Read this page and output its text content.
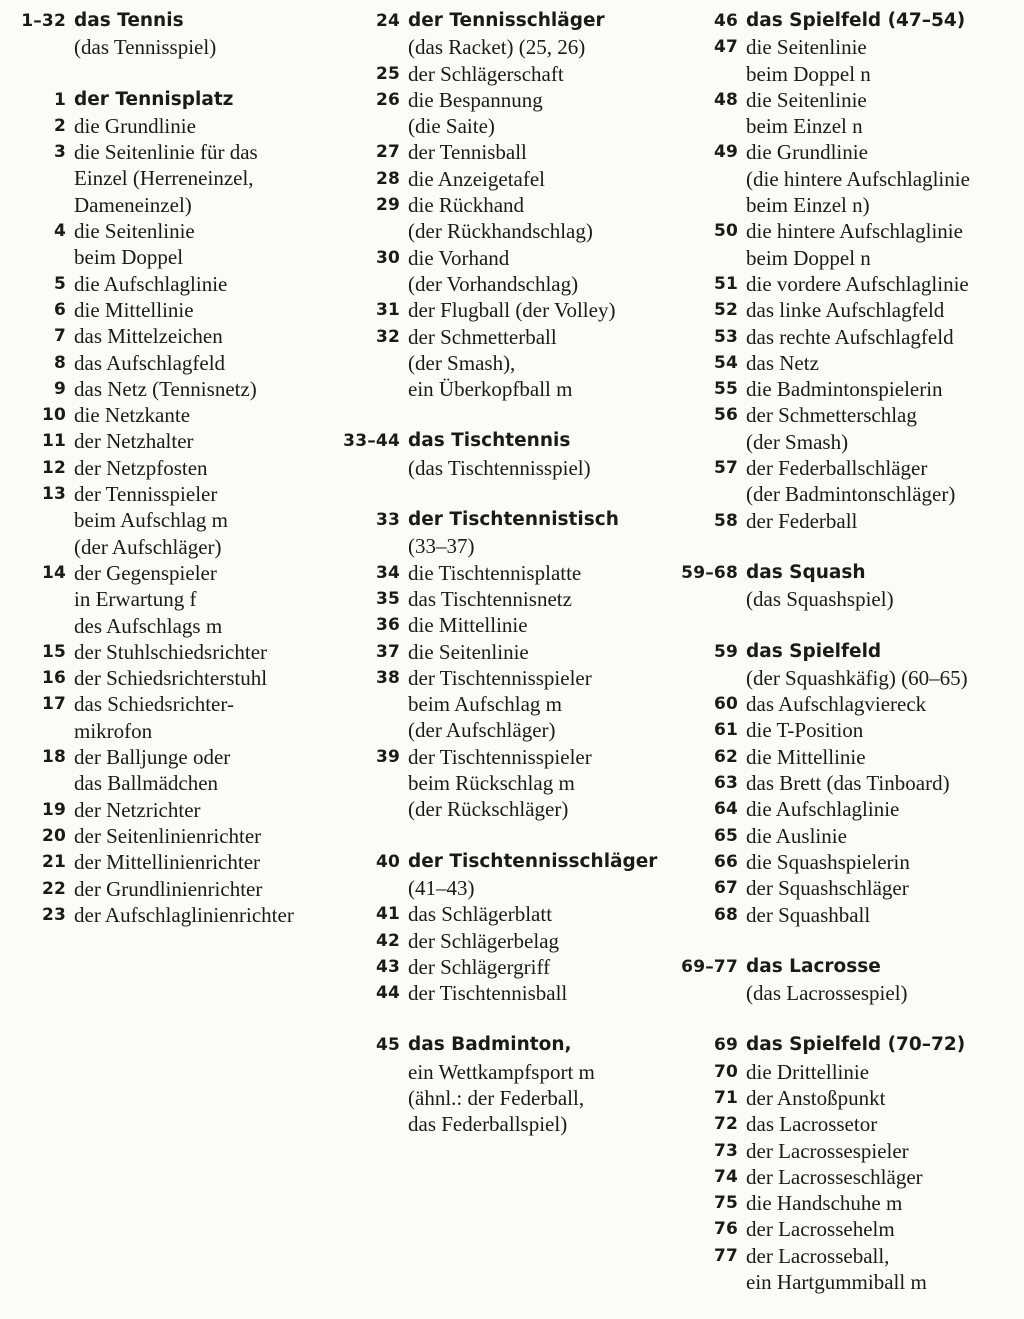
1–32 das Tennis
(das Tennisspiel)
1 der Tennisplatz
2 die Grundlinie
3 die Seitenlinie für das
Einzel (Herreneinzel,
Dameneinzel)
4 die Seitenlinie
beim Doppel
5 die Aufschlaglinie
6 die Mittellinie
7 das Mittelzeichen
8 das Aufschlagfeld
9 das Netz (Tennisnetz)
10 die Netzkante
11 der Netzhalter
12 der Netzpfosten
13 der Tennisspieler
beim Aufschlag m
(der Aufschläger)
14 der Gegenspieler
in Erwartung f
des Aufschlags m
15 der Stuhlschiedsrichter
16 der Schiedsrichterstuhl
17 das Schiedsrichter-
mikrofon
18 der Balljunge oder
das Ballmädchen
19 der Netzrichter
20 der Seitenlinienrichter
21 der Mittellinienrichter
22 der Grundlinienrichter
23 der Aufschlaglinienrichter
24 der Tennisschläger
(das Racket) (25, 26)
25 der Schlägerschaft
26 die Bespannung
(die Saite)
27 der Tennisball
28 die Anzeigetafel
29 die Rückhand
(der Rückhandschlag)
30 die Vorhand
(der Vorhandschlag)
31 der Flugball (der Volley)
32 der Schmetterball
(der Smash),
ein Überkopfball m
33–44 das Tischtennis
(das Tischtennisspiel)
33 der Tischtennistisch
(33–37)
34 die Tischtennisplatte
35 das Tischtennisnetz
36 die Mittellinie
37 die Seitenlinie
38 der Tischtennisspieler
beim Aufschlag m
(der Aufschläger)
39 der Tischtennisspieler
beim Rückschlag m
(der Rückschläger)
40 der Tischtennisschläger
(41–43)
41 das Schlägerblatt
42 der Schlägerbelag
43 der Schlägergriff
44 der Tischtennisball
45 das Badminton,
ein Wettkampfsport m
(ähnl.: der Federball,
das Federballspiel)
46 das Spielfeld (47–54)
47 die Seitenlinie
beim Doppel n
48 die Seitenlinie
beim Einzel n
49 die Grundlinie
(die hintere Aufschlaglinie
beim Einzel n)
50 die hintere Aufschlaglinie
beim Doppel n
51 die vordere Aufschlaglinie
52 das linke Aufschlagfeld
53 das rechte Aufschlagfeld
54 das Netz
55 die Badmintonspielerin
56 der Schmetterschlag
(der Smash)
57 der Federballschläger
(der Badmintonschläger)
58 der Federball
59–68 das Squash
(das Squashspiel)
59 das Spielfeld
(der Squashkäfig) (60–65)
60 das Aufschlagviereck
61 die T-Position
62 die Mittellinie
63 das Brett (das Tinboard)
64 die Aufschlaglinie
65 die Auslinie
66 die Squashspielerin
67 der Squashschläger
68 der Squashball
69–77 das Lacrosse
(das Lacrossespiel)
69 das Spielfeld (70–72)
70 die Drittellinie
71 der Anstoßpunkt
72 das Lacrossetor
73 der Lacrossespieler
74 der Lacrosseschläger
75 die Handschuhe m
76 der Lacrossehelm
77 der Lacrosseball,
ein Hartgummiball m
